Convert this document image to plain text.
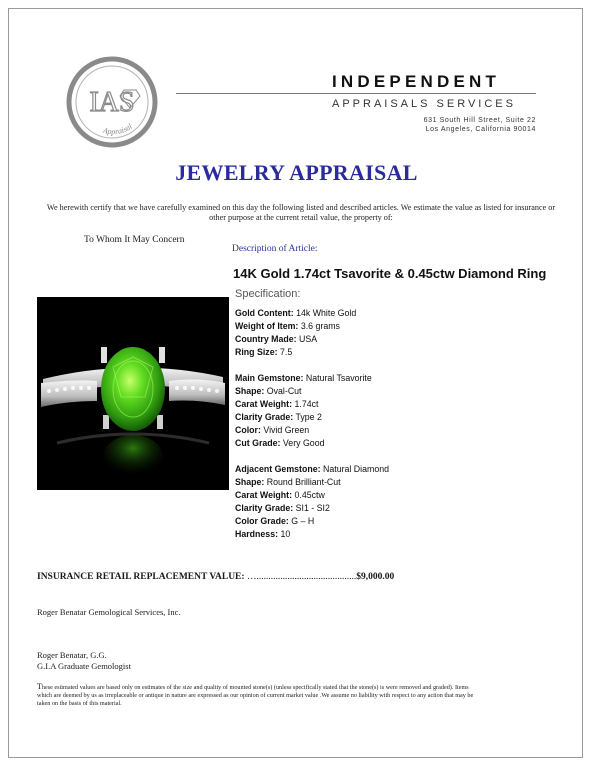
IAS
Appraisal
INDEPENDENT
APPRAISALS SERVICES
631 South Hill Street, Suite 22
Los Angeles, California 90014
JEWELRY APPRAISAL
We herewith certify that we have carefully examined on this day the following listed and described articles. We estimate the value as listed for insurance or other purpose at the current retail value, the property of:
To Whom It May Concern
Description of Article:
14K Gold 1.74ct Tsavorite & 0.45ctw Diamond Ring
Specification:
Gold Content: 14k White Gold
Weight of Item: 3.6 grams
Country Made: USA
Ring Size: 7.5
Main Gemstone: Natural Tsavorite
Shape: Oval-Cut
Carat Weight: 1.74ct
Clarity Grade: Type 2
Color: Vivid Green
Cut Grade: Very Good
Adjacent Gemstone: Natural Diamond
Shape: Round Brilliant-Cut
Carat Weight: 0.45ctw
Clarity Grade: SI1 - SI2
Color Grade: G – H
Hardness: 10
INSURANCE RETAIL REPLACEMENT VALUE: …..........................................$9,000.00
Roger Benatar Gemological Services, Inc.
Roger Benatar, G.G.
G.I.A Graduate Gemologist
These estimated values are based only on estimates of the size and quality of mounted stone(s) (unless specifically stated that the stone(s) is were removed and graded). Items which are deemed by us as irreplaceable or antique in nature are expressed as our opinion of current market value .We assume no liability with respect to any action that may be taken on the basis of this material.
